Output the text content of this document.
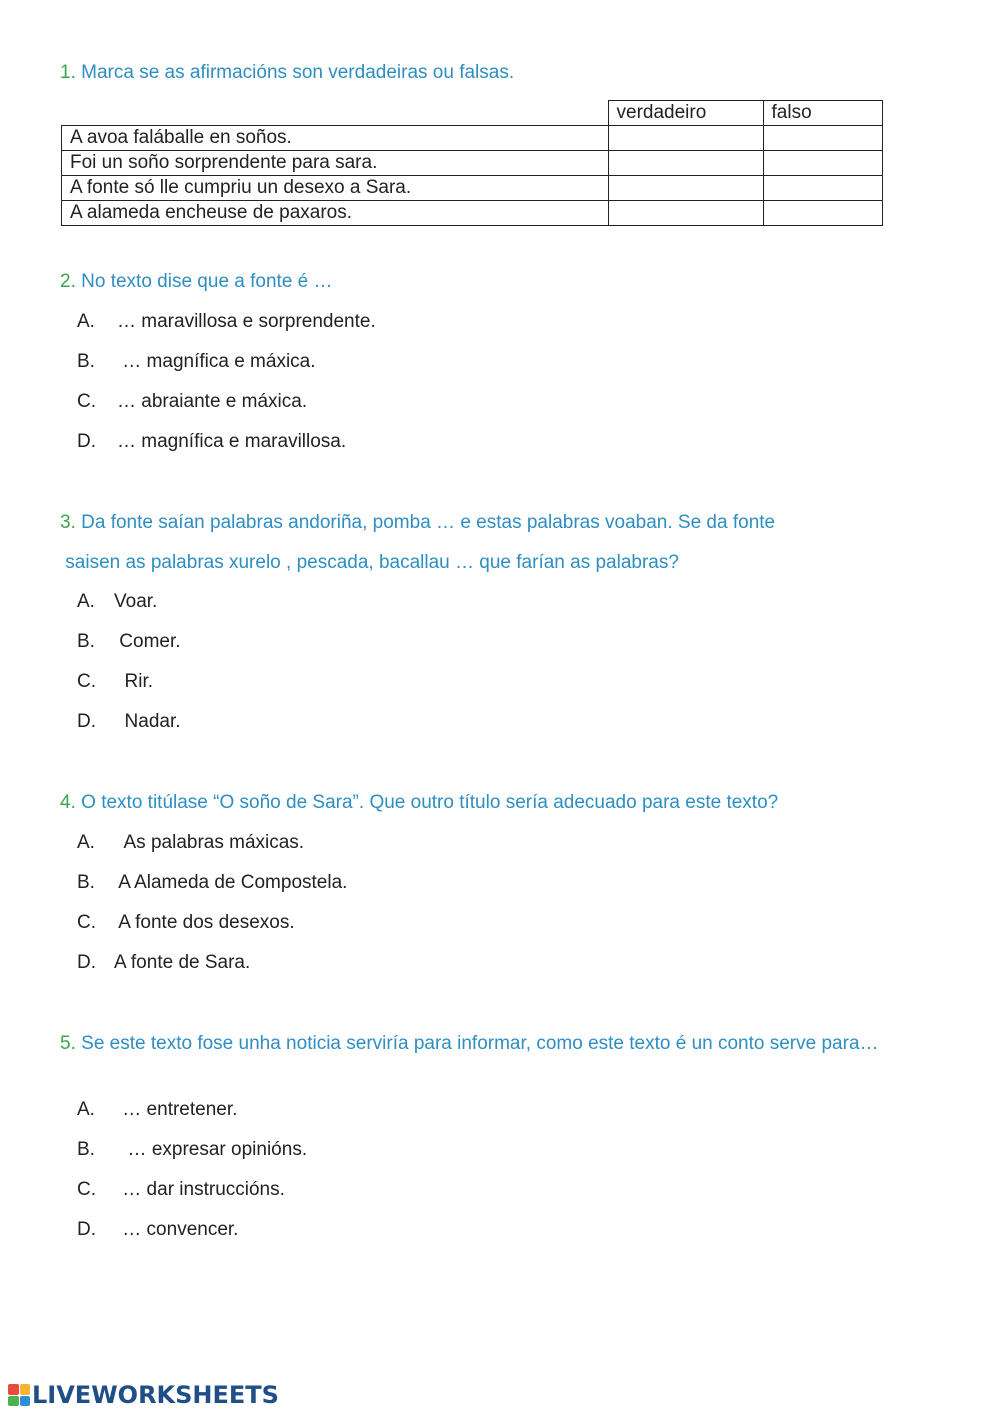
1. Marca se as afirmacións son verdadeiras ou falsas.

	verdadeiro	falso
A avoa faláballe en soños.		
Foi un soño sorprendente para sara.		
A fonte só lle cumpriu un desexo a Sara.		
A alameda encheuse de paxaros.		

2. No texto dise que a fonte é …

A. … maravillosa e sorprendente.
B. … magnífica e máxica.
C. … abraiante e máxica.
D. … magnífica e maravillosa.

3. Da fonte saían palabras andoriña, pomba … e estas palabras voaban. Se da fonte

saisen as palabras xurelo , pescada, bacallau … que farían as palabras?

A. Voar.
B. Comer.
C.  Rir.
D.  Nadar.

4. O texto titúlase “O soño de Sara”. Que outro título sería adecuado para este texto?

A.  As palabras máxicas.
B. A Alameda de Compostela.
C. A fonte dos desexos.
D. A fonte de Sara.

5. Se este texto fose unha noticia serviría para informar, como este texto é un conto serve para…

A. … entretener.
B.  … expresar opinións.
C. … dar instruccións.
D. … convencer.
LIVEWORKSHEETS
